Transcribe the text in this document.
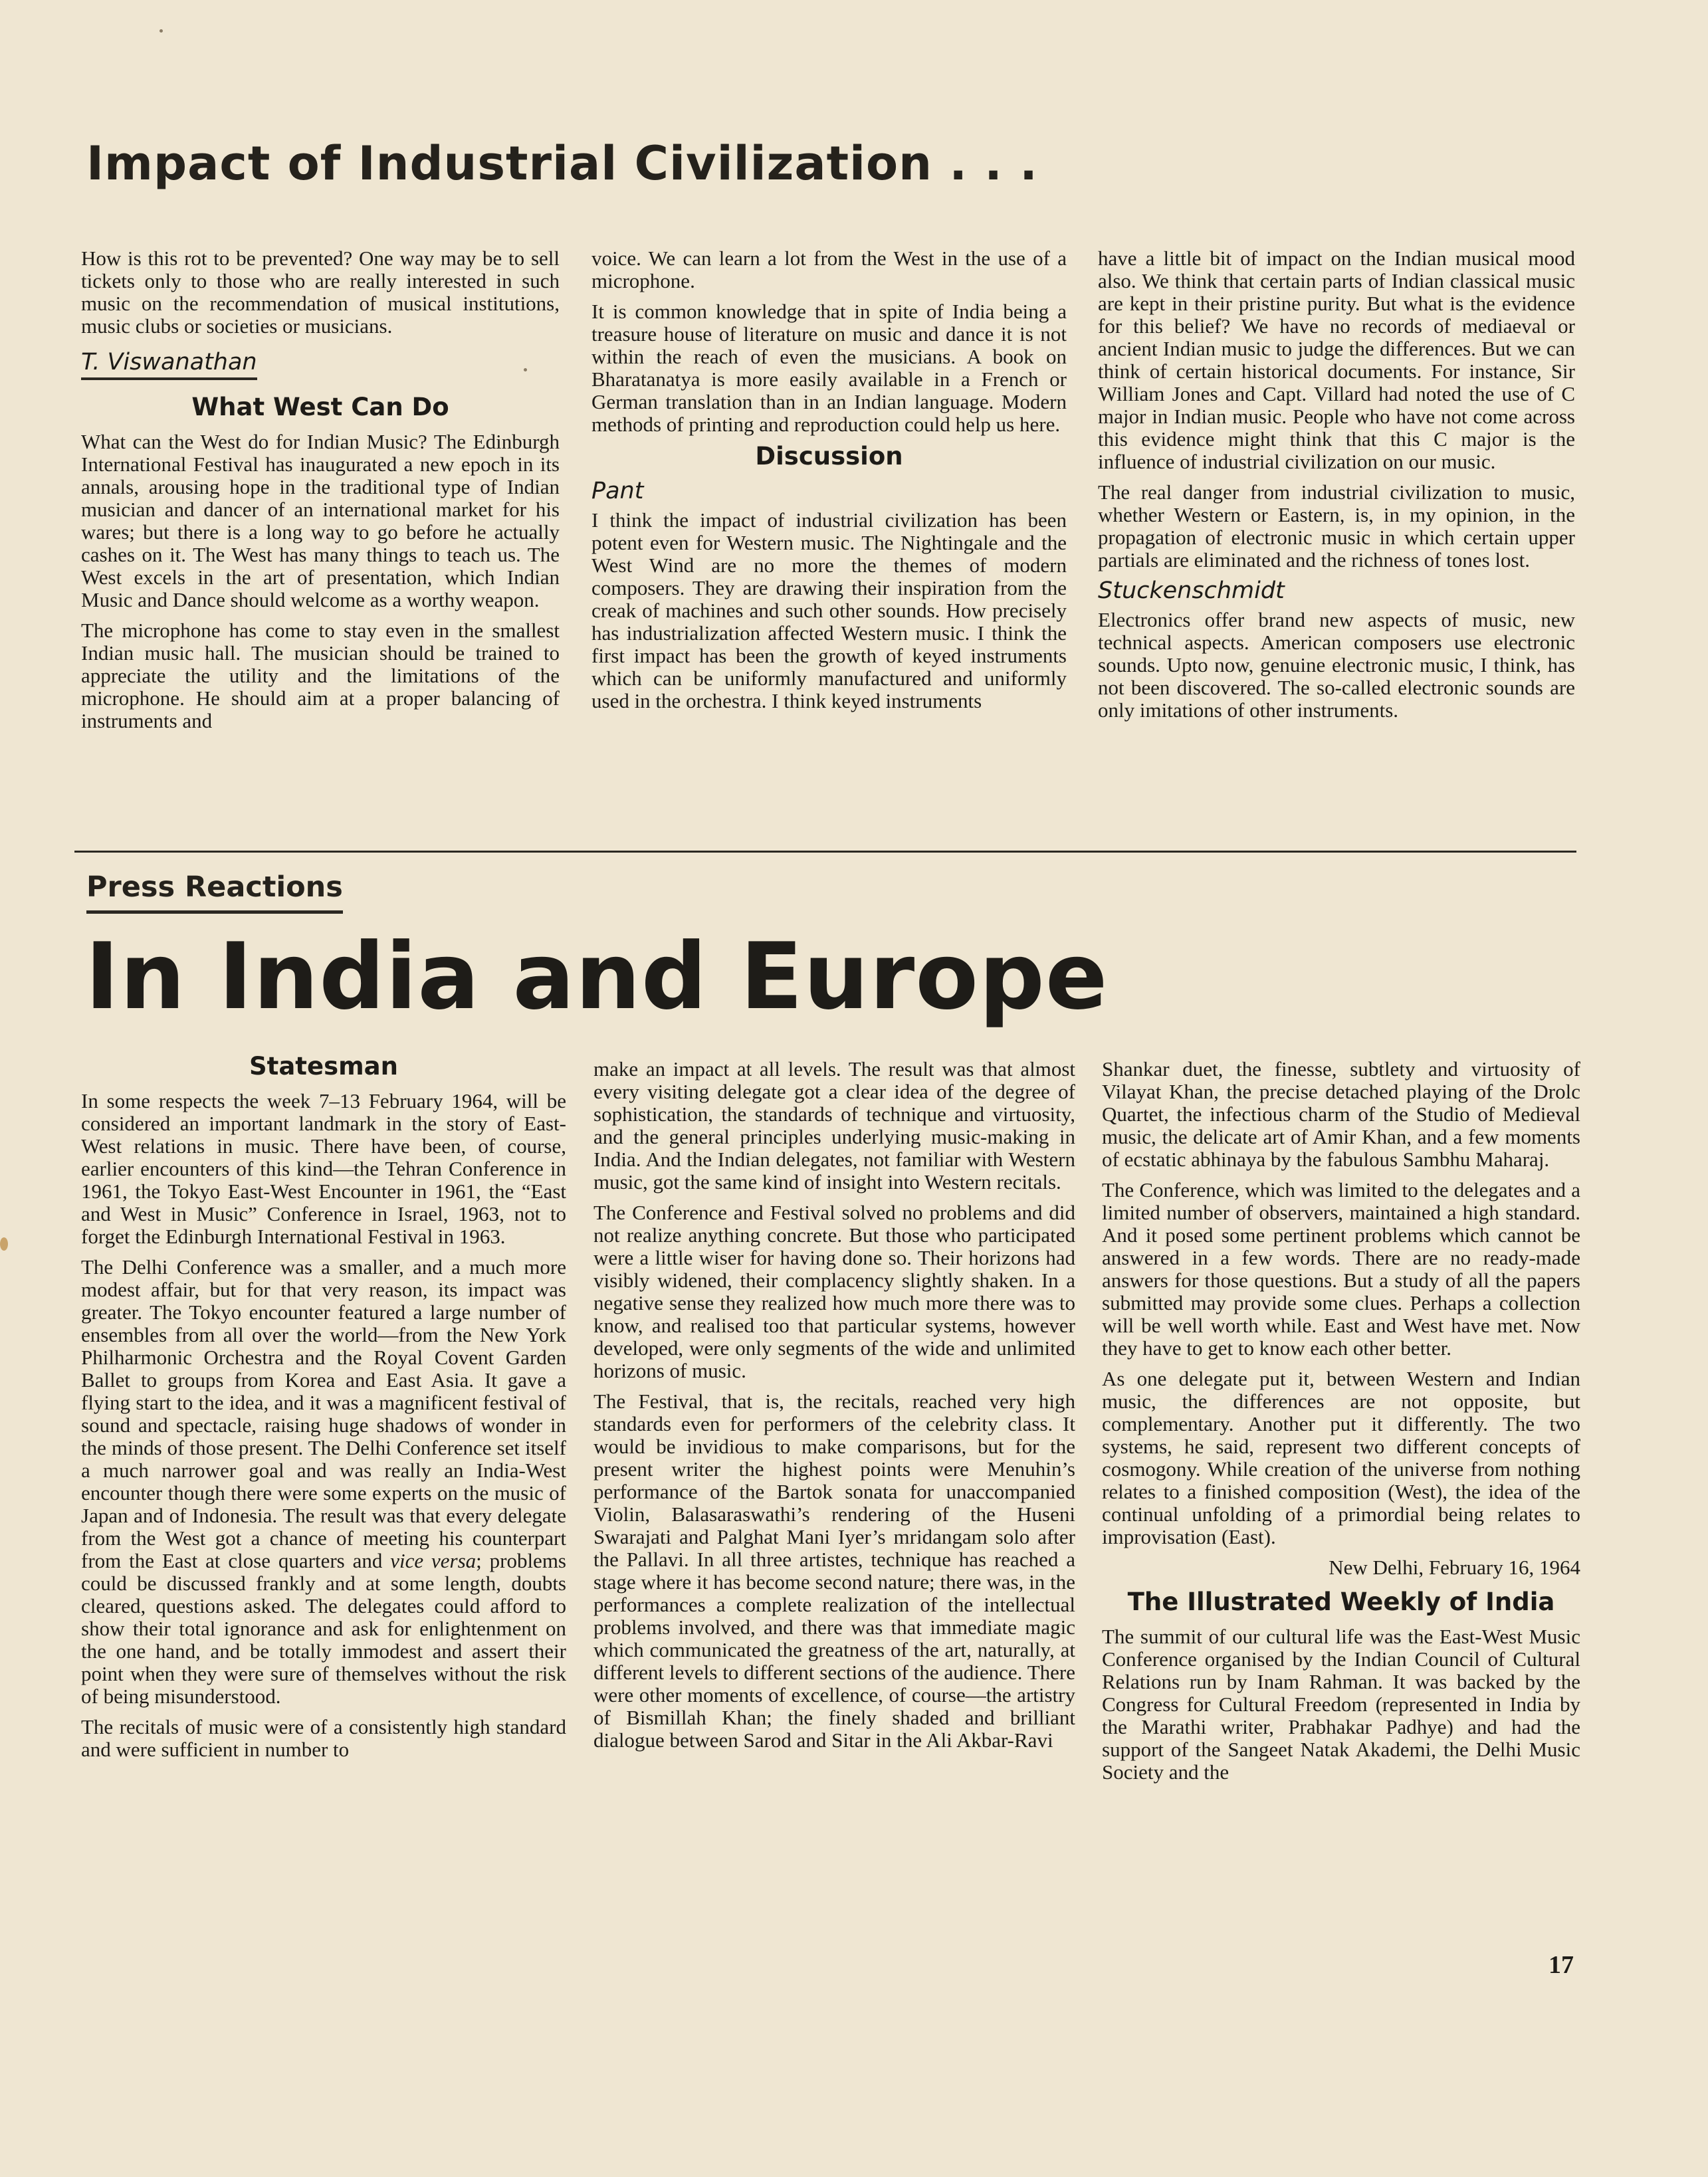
Impact of Industrial Civilization . . .

How is this rot to be prevented? One way may be to sell tickets only to those who are really interested in such music on the recommendation of musical institutions, music clubs or societies or musicians.

T. Viswanathan
What West Can Do

What can the West do for Indian Music? The Edinburgh International Festival has inaugurated a new epoch in its annals, arousing hope in the traditional type of Indian musician and dancer of an international market for his wares; but there is a long way to go before he actually cashes on it. The West has many things to teach us. The West excels in the art of presentation, which Indian Music and Dance should welcome as a worthy weapon.

The microphone has come to stay even in the smallest Indian music hall. The musician should be trained to appreciate the utility and the limitations of the microphone. He should aim at a proper balancing of instruments and

voice. We can learn a lot from the West in the use of a microphone.

It is common knowledge that in spite of India being a treasure house of literature on music and dance it is not within the reach of even the musicians. A book on Bharatanatya is more easily available in a French or German translation than in an Indian language. Modern methods of printing and reproduction could help us here.

Discussion
Pant

I think the impact of industrial civilization has been potent even for Western music. The Nightingale and the West Wind are no more the themes of modern composers. They are drawing their inspiration from the creak of machines and such other sounds. How precisely has industrialization affected Western music. I think the first impact has been the growth of keyed instruments which can be uniformly manufactured and uniformly used in the orchestra. I think keyed instruments

have a little bit of impact on the Indian musical mood also. We think that certain parts of Indian classical music are kept in their pristine purity. But what is the evidence for this belief? We have no records of mediaeval or ancient Indian music to judge the differences. But we can think of certain historical documents. For instance, Sir William Jones and Capt. Villard had noted the use of C major in Indian music. People who have not come across this evidence might think that this C major is the influence of industrial civilization on our music.

The real danger from industrial civilization to music, whether Western or Eastern, is, in my opinion, in the propagation of electronic music in which certain upper partials are eliminated and the richness of tones lost.

Stuckenschmidt

Electronics offer brand new aspects of music, new technical aspects. American composers use electronic sounds. Upto now, genuine electronic music, I think, has not been discovered. The so-called electronic sounds are only imitations of other instruments.

Press Reactions
In India and Europe
Statesman

In some respects the week 7–13 February 1964, will be considered an important landmark in the story of East-West relations in music. There have been, of course, earlier encounters of this kind—the Tehran Conference in 1961, the Tokyo East-West Encounter in 1961, the “East and West in Music” Conference in Israel, 1963, not to forget the Edinburgh International Festival in 1963.

The Delhi Conference was a smaller, and a much more modest affair, but for that very reason, its impact was greater. The Tokyo encounter featured a large number of ensembles from all over the world—from the New York Philharmonic Orchestra and the Royal Covent Garden Ballet to groups from Korea and East Asia. It gave a flying start to the idea, and it was a magnificent festival of sound and spectacle, raising huge shadows of wonder in the minds of those present. The Delhi Conference set itself a much narrower goal and was really an India-West encounter though there were some experts on the music of Japan and of Indonesia. The result was that every delegate from the West got a chance of meeting his counterpart from the East at close quarters and vice versa; problems could be discussed frankly and at some length, doubts cleared, questions asked. The delegates could afford to show their total ignorance and ask for enlightenment on the one hand, and be totally immodest and assert their point when they were sure of themselves without the risk of being misunderstood.

The recitals of music were of a consistently high standard and were sufficient in number to

make an impact at all levels. The result was that almost every visiting delegate got a clear idea of the degree of sophistication, the standards of technique and virtuosity, and the general principles underlying music-making in India. And the Indian delegates, not familiar with Western music, got the same kind of insight into Western recitals.

The Conference and Festival solved no problems and did not realize anything concrete. But those who participated were a little wiser for having done so. Their horizons had visibly widened, their complacency slightly shaken. In a negative sense they realized how much more there was to know, and realised too that particular systems, however developed, were only segments of the wide and unlimited horizons of music.

The Festival, that is, the recitals, reached very high standards even for performers of the celebrity class. It would be invidious to make comparisons, but for the present writer the highest points were Menuhin’s performance of the Bartok sonata for unaccompanied Violin, Balasaraswathi’s rendering of the Huseni Swarajati and Palghat Mani Iyer’s mridangam solo after the Pallavi. In all three artistes, technique has reached a stage where it has become second nature; there was, in the performances a complete realization of the intellectual problems involved, and there was that immediate magic which communicated the greatness of the art, naturally, at different levels to different sections of the audience. There were other moments of excellence, of course—the artistry of Bismillah Khan; the finely shaded and brilliant dialogue between Sarod and Sitar in the Ali Akbar-Ravi

Shankar duet, the finesse, subtlety and virtuosity of Vilayat Khan, the precise detached playing of the Drolc Quartet, the infectious charm of the Studio of Medieval music, the delicate art of Amir Khan, and a few moments of ecstatic abhinaya by the fabulous Sambhu Maharaj.

The Conference, which was limited to the delegates and a limited number of observers, maintained a high standard. And it posed some pertinent problems which cannot be answered in a few words. There are no ready-made answers for those questions. But a study of all the papers submitted may provide some clues. Perhaps a collection will be well worth while. East and West have met. Now they have to get to know each other better.

As one delegate put it, between Western and Indian music, the differences are not opposite, but complementary. Another put it differently. The two systems, he said, represent two different concepts of cosmogony. While creation of the universe from nothing relates to a finished composition (West), the idea of the continual unfolding of a primordial being relates to improvisation (East).

New Delhi, February 16, 1964
The Illustrated Weekly of India

The summit of our cultural life was the East-West Music Conference organised by the Indian Council of Cultural Relations run by Inam Rahman. It was backed by the Congress for Cultural Freedom (represented in India by the Marathi writer, Prabhakar Padhye) and had the support of the Sangeet Natak Akademi, the Delhi Music Society and the

17
